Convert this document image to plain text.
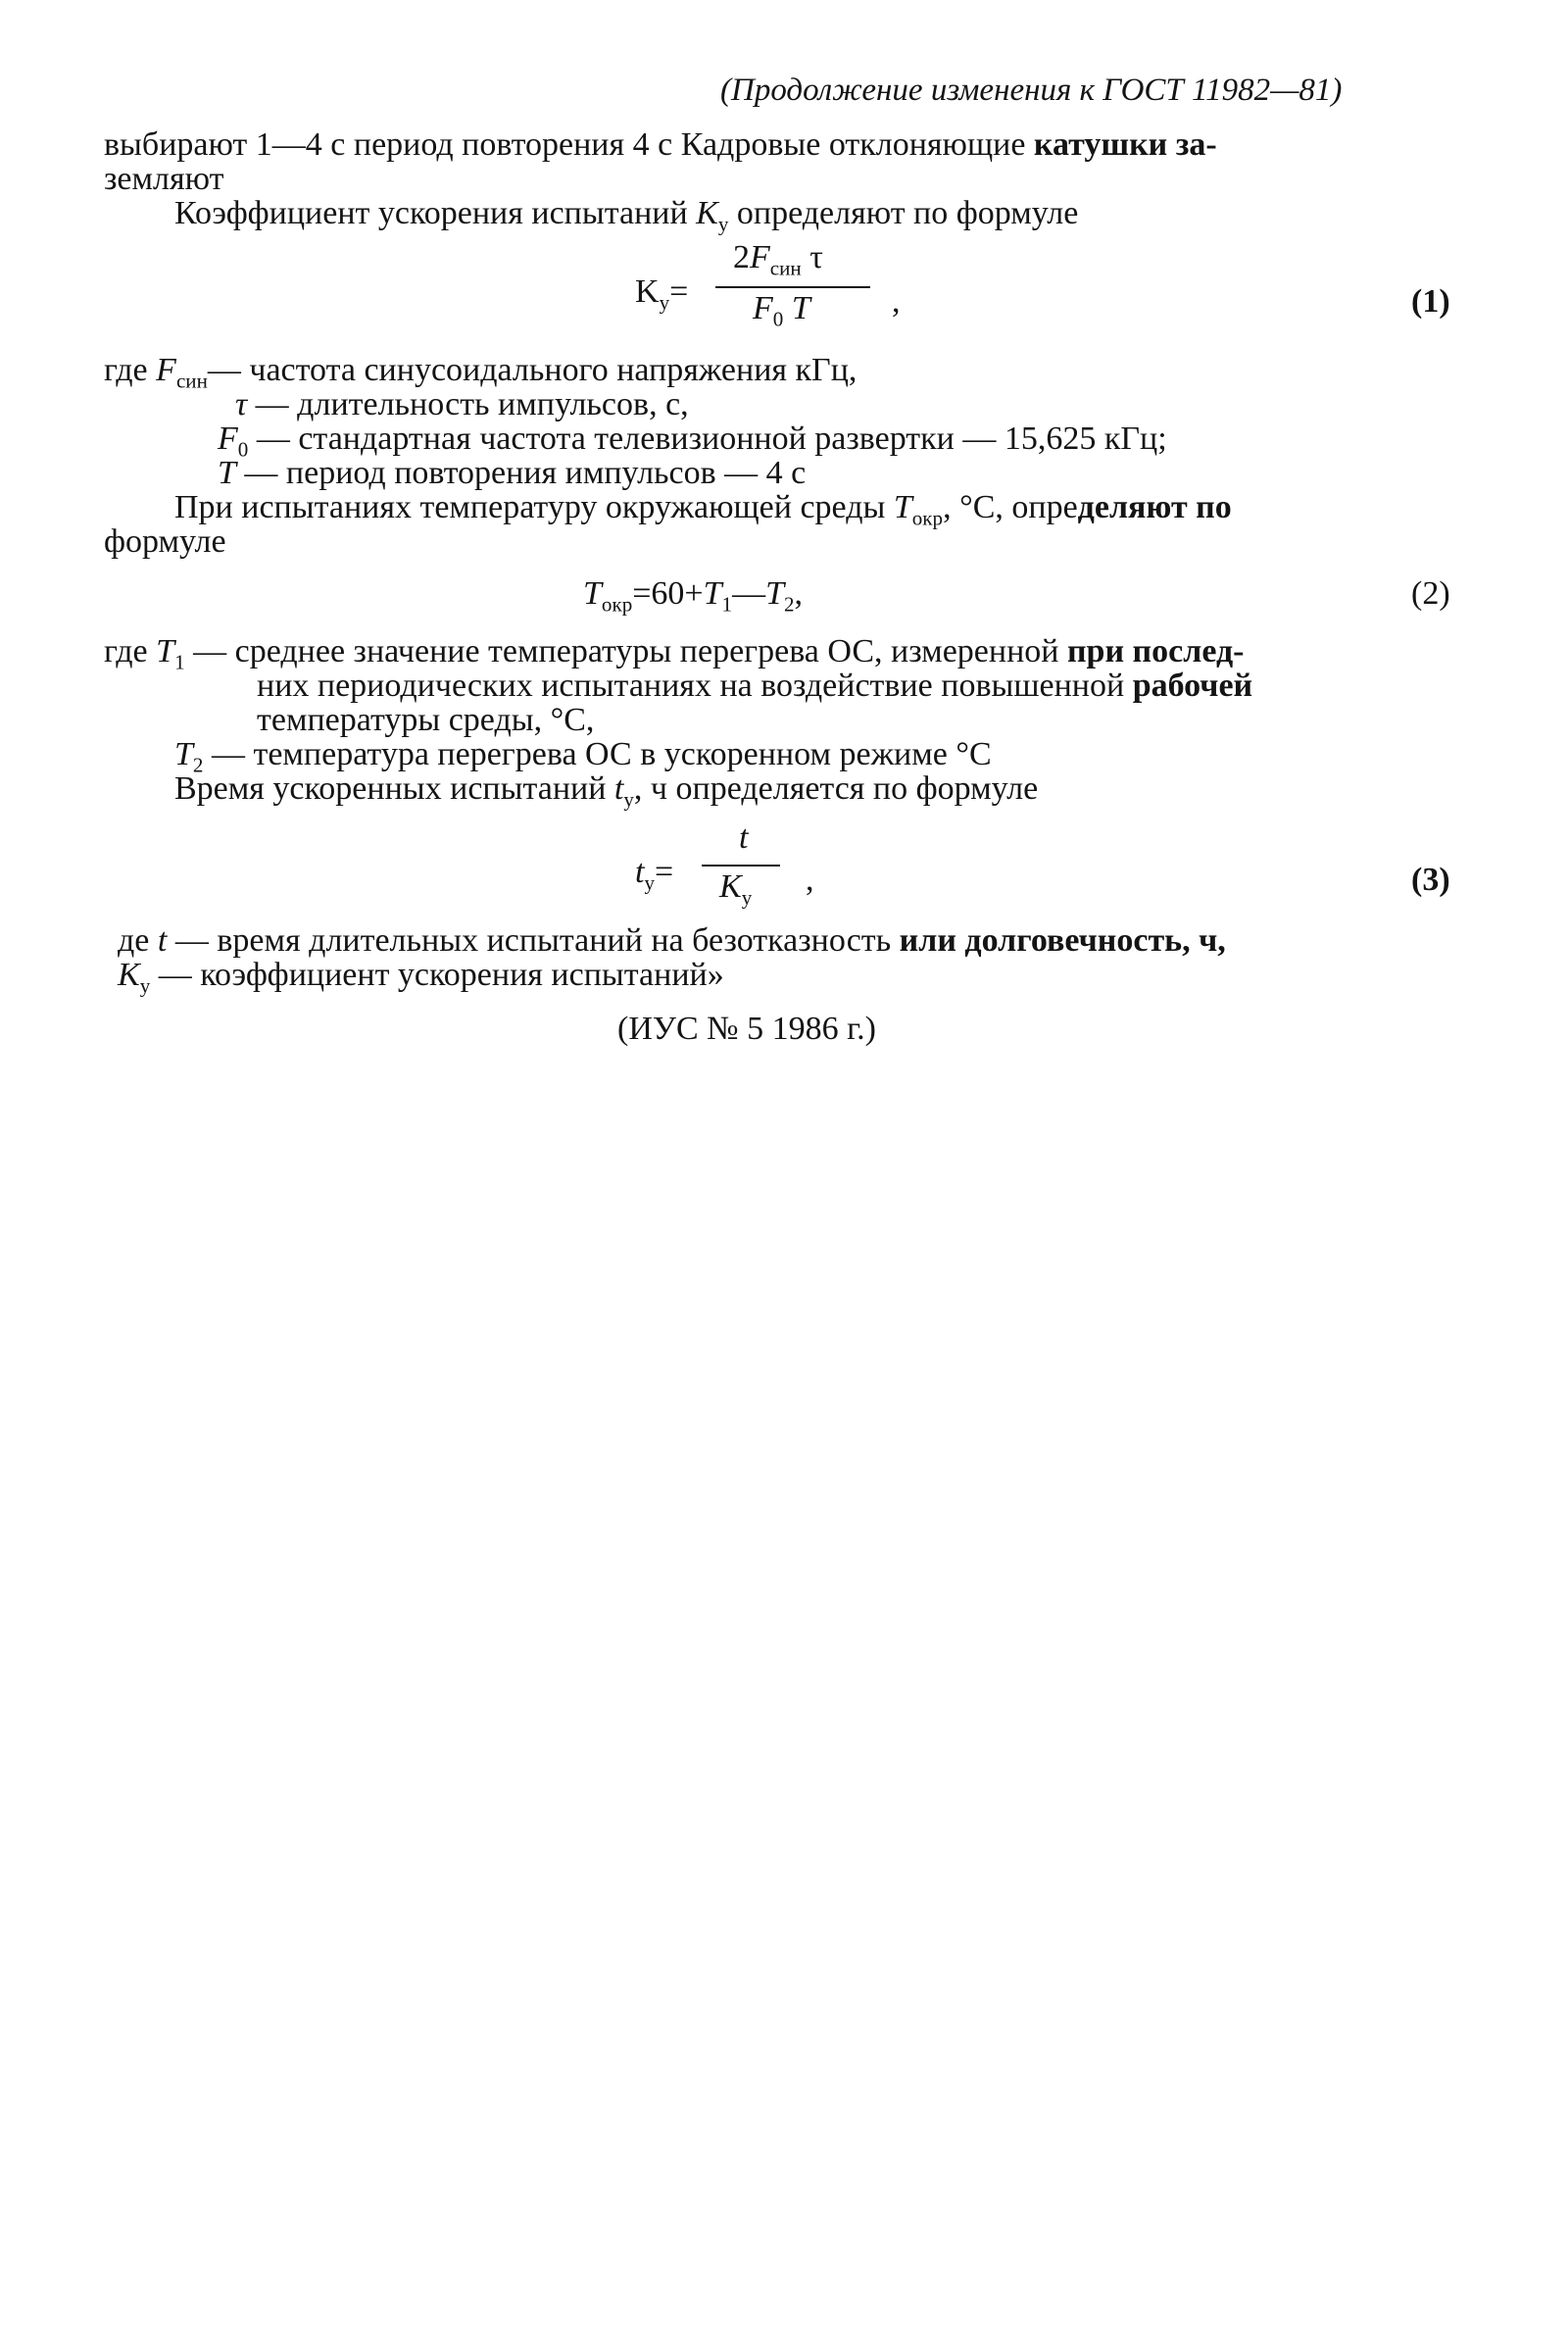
(Продолжение изменения к ГОСТ 11982—81)
выбирают 1—4 с период повторения 4 с Кадровые отклоняющие катушки за-
земляют
Коэффициент ускорения испытаний $K_у$ определяют по формуле
$K_у=$
$2F_{син}$ τ
$F_0$ T ,	(1)
где $F_{син}—$ частота синусоидального напряжения кГц,
τ — длительность импульсов, с,
$F_0$ — стандартная частота телевизионной развертки — 15,625 кГц;
T — период повторения импульсов — 4 с
При испытаниях температуру окружающей среды $T_{окр}$, °С, определяют по
формуле
$T_{окр}=60+T_1—T_2$,	(2)
где $T_1$ — среднее значение температуры перегрева ОС, измеренной при послед-
них периодических испытаниях на воздействие повышенной рабочей
температуры среды, °С,
$T_2$ — температура перегрева ОС в ускоренном режиме °С
Время ускоренных испытаний $t_у$, ч определяется по формуле
$t_у=$
t
$K_у$ ,	(3)
де t — время длительных испытаний на безотказность или долговечность, ч,
$K_у$ — коэффициент ускорения испытаний»
(ИУС № 5 1986 г.)
